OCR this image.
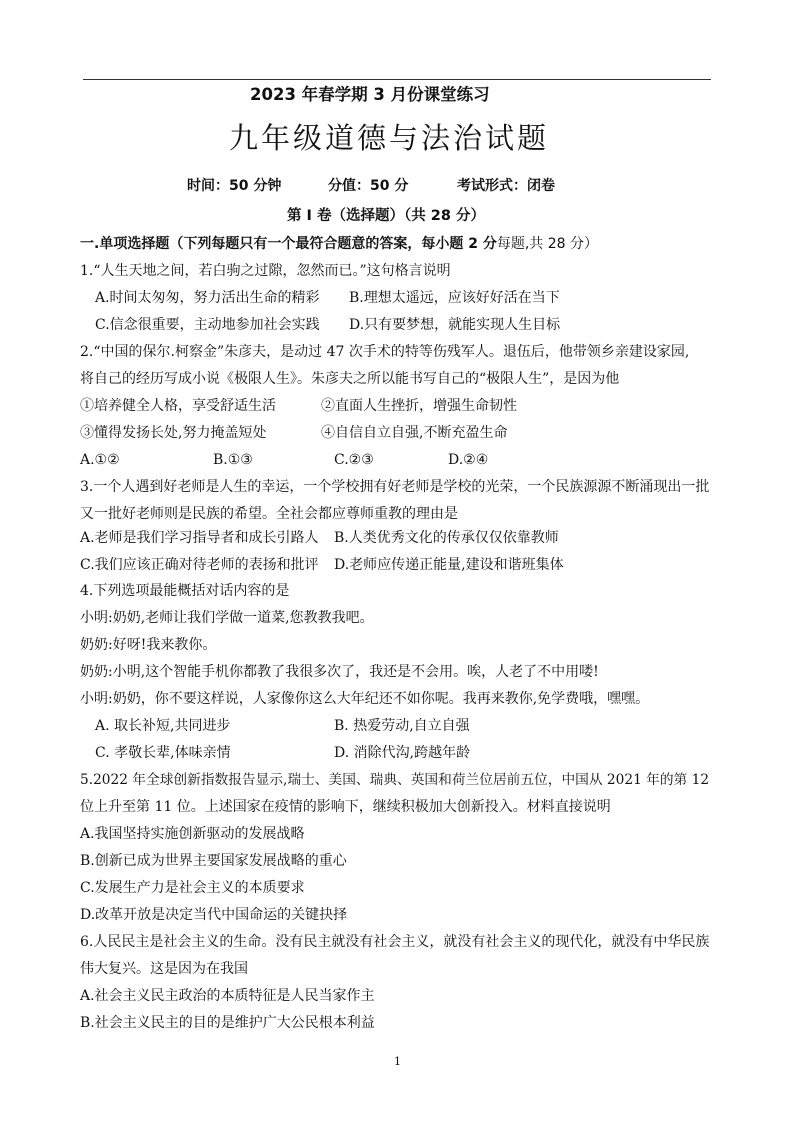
2023 年春学期 3 月份课堂练习
九年级道德与法治试题
时间：50 分钟	分值：50 分	考试形式：闭卷
第 I 卷（选择题）（共 28 分）
一.单项选择题（下列每题只有一个最符合题意的答案，每小题 2 分每题,共 28 分）
1.“人生天地之间，若白驹之过隙，忽然而已。”这句格言说明
A.时间太匆匆，努力活出生命的精彩 B.理想太遥远，应该好好活在当下
C.信念很重要，主动地参加社会实践 D.只有要梦想，就能实现人生目标
2.“中国的保尔.柯察金”朱彦夫，是动过 47 次手术的特等伤残军人。退伍后，他带领乡亲建设家园,
将自己的经历写成小说《极限人生》。朱彦夫之所以能书写自己的“极限人生”，是因为他
①培养健全人格，享受舒适生活	②直面人生挫折，增强生命韧性
③懂得发扬长处,努力掩盖短处	④自信自立自强,不断充盈生命
A.①②	B.①③	C.②③	D.②④
3.一个人遇到好老师是人生的幸运，一个学校拥有好老师是学校的光荣，一个民族源源不断涌现出一批
又一批好老师则是民族的希望。全社会都应尊师重教的理由是
A.老师是我们学习指导者和成长引路人 B.人类优秀文化的传承仅仅依靠教师
C.我们应该正确对待老师的表扬和批评 D.老师应传递正能量,建设和谐班集体
4.下列选项最能概括对话内容的是
小明:奶奶,老师让我们学做一道菜,您教教我吧。
奶奶:好呀!我来教你。
奶奶:小明,这个智能手机你都教了我很多次了，我还是不会用。唉，人老了不中用喽!
小明:奶奶，你不要这样说，人家像你这么大年纪还不如你呢。我再来教你,免学费哦，嘿嘿。
A. 取长补短,共同进步	B. 热爱劳动,自立自强
C. 孝敬长辈,体味亲情	D. 消除代沟,跨越年龄
5.2022 年全球创新指数报告显示,瑞士、美国、瑞典、英国和荷兰位居前五位，中国从 2021 年的第 12
位上升至第 11 位。上述国家在疫情的影响下，继续积极加大创新投入。材料直接说明
A.我国坚持实施创新驱动的发展战略
B.创新已成为世界主要国家发展战略的重心
C.发展生产力是社会主义的本质要求
D.改革开放是决定当代中国命运的关键抉择
6.人民民主是社会主义的生命。没有民主就没有社会主义，就没有社会主义的现代化，就没有中华民族
伟大复兴。这是因为在我国
A.社会主义民主政治的本质特征是人民当家作主
B.社会主义民主的目的是维护广大公民根本利益
1
